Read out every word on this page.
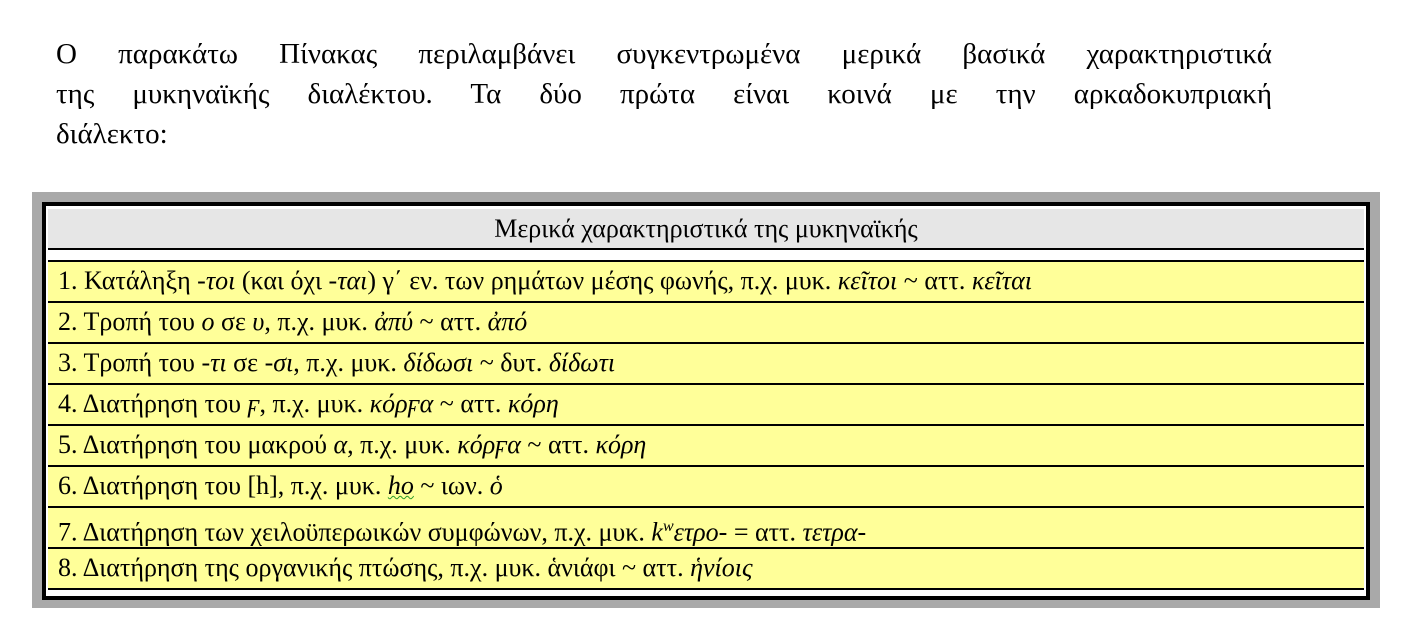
Ο παρακάτω Πίνακας περιλαμβάνει συγκεντρωμένα μερικά βασικά χαρακτηριστικά
της μυκηναϊκής διαλέκτου. Τα δύο πρώτα είναι κοινά με την αρκαδοκυπριακή
διάλεκτο:
Μερικά χαρακτηριστικά της μυκηναϊκής
1. Κατάληξη -τοι (και όχι -ται) γ΄ εν. των ρημάτων μέσης φωνής, π.χ. μυκ. κεῖτοι ~ αττ. κεῖται
2. Τροπή του ο σε υ, π.χ. μυκ. ἀπύ ~ αττ. ἀπό
3. Τροπή του -τι σε -σι, π.χ. μυκ. δίδωσι ~ δυτ. δίδωτι
4. Διατήρηση του ϝ, π.χ. μυκ. κόρϝα ~ αττ. κόρη
5. Διατήρηση του μακρού α, π.χ. μυκ. κόρϝα ~ αττ. κόρη
6. Διατήρηση του [h], π.χ. μυκ. ho ~ ιων. ὁ
7. Διατήρηση των χειλοϋπερωικών συμφώνων, π.χ. μυκ. $k^w\varepsilon\tau\rho o- = \alpha\tau\tau$. τετρα-
8. Διατήρηση της οργανικής πτώσης, π.χ. μυκ. ἁνιάφι ~ αττ. ἡνίοις
